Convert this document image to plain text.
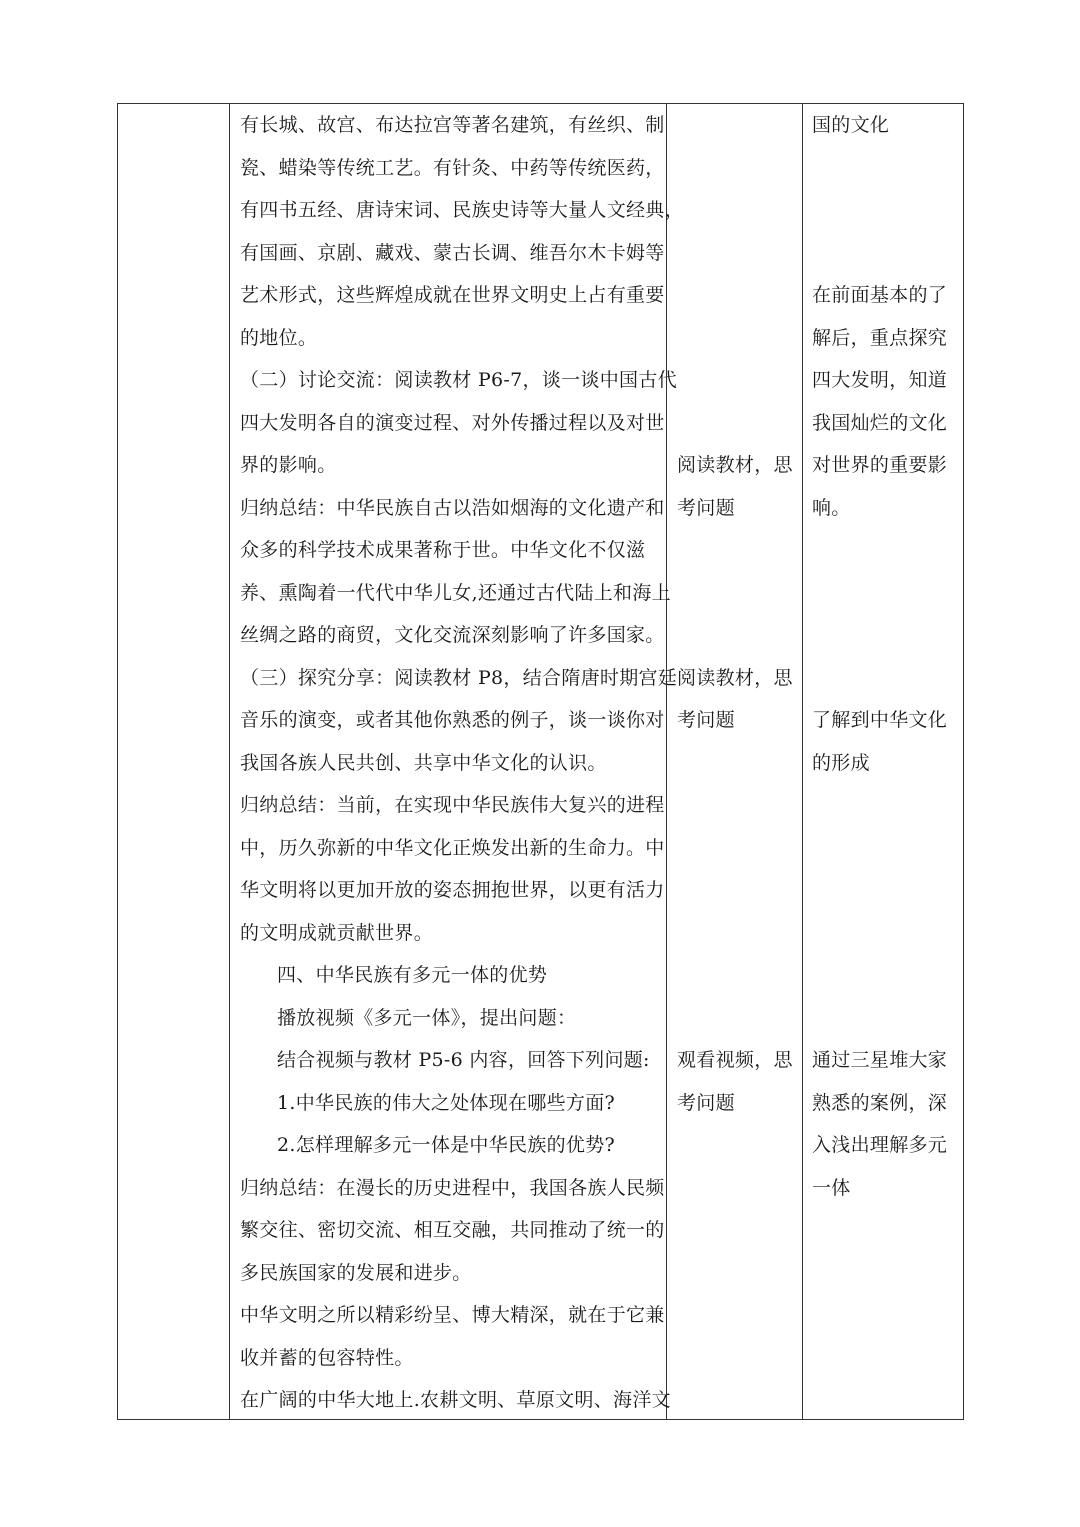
有长城、故宫、布达拉宫等著名建筑，有丝织、制

瓷、蜡染等传统工艺。有针灸、中药等传统医药，

有四书五经、唐诗宋词、民族史诗等大量人文经典，

有国画、京剧、藏戏、蒙古长调、维吾尔木卡姆等

艺术形式，这些辉煌成就在世界文明史上占有重要

的地位。

（二）讨论交流：阅读教材 P6-7，谈一谈中国古代

四大发明各自的演变过程、对外传播过程以及对世

界的影响。

归纳总结：中华民族自古以浩如烟海的文化遗产和

众多的科学技术成果著称于世。中华文化不仅滋

养、熏陶着一代代中华儿女,还通过古代陆上和海上

丝绸之路的商贸，文化交流深刻影响了许多国家。

（三）探究分享：阅读教材 P8，结合隋唐时期宫廷

音乐的演变，或者其他你熟悉的例子，谈一谈你对

我国各族人民共创、共享中华文化的认识。

归纳总结：当前，在实现中华民族伟大复兴的进程

中，历久弥新的中华文化正焕发出新的生命力。中

华文明将以更加开放的姿态拥抱世界，以更有活力

的文明成就贡献世界。

四、中华民族有多元一体的优势

播放视频《多元一体》，提出问题：

结合视频与教材 P5-6 内容，回答下列问题:

1.中华民族的伟大之处体现在哪些方面?

2.怎样理解多元一体是中华民族的优势?

归纳总结：在漫长的历史进程中，我国各族人民频

繁交往、密切交流、相互交融，共同推动了统一的

多民族国家的发展和进步。

中华文明之所以精彩纷呈、博大精深，就在于它兼

收并蓄的包容特性。

在广阔的中华大地上.农耕文明、草原文明、海洋文

阅读教材，思

考问题

阅读教材，思

考问题

观看视频，思

考问题

国的文化

在前面基本的了

解后，重点探究

四大发明，知道

我国灿烂的文化

对世界的重要影

响。

了解到中华文化

的形成

通过三星堆大家

熟悉的案例，深

入浅出理解多元

一体
